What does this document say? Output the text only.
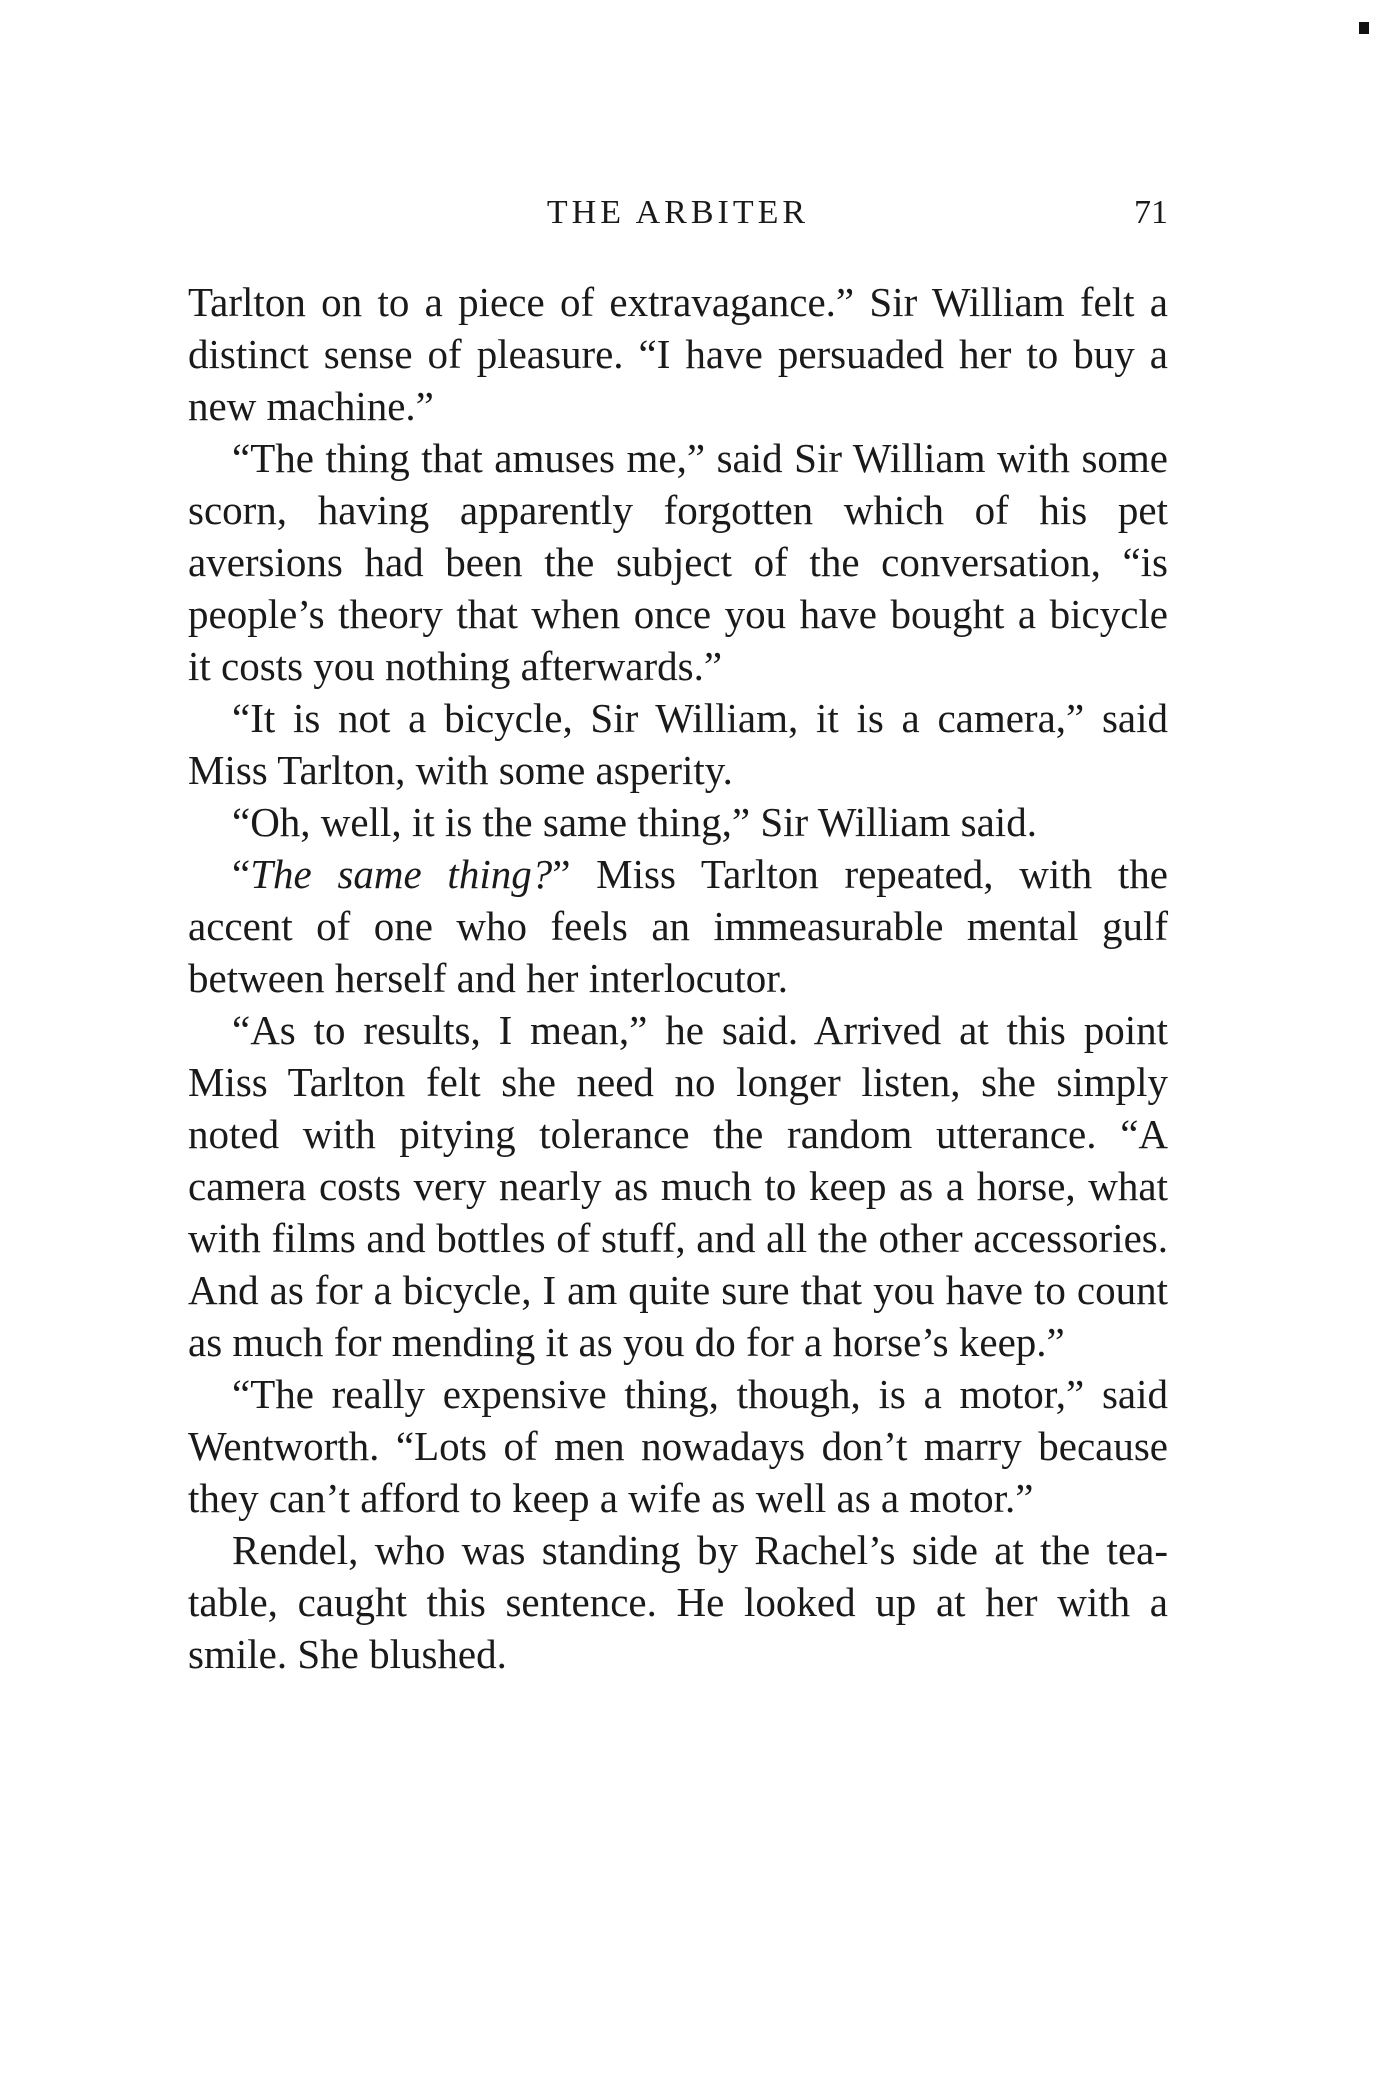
THE ARBITER	71

Tarlton on to a piece of extravagance.” Sir William felt a distinct sense of pleasure. “I have persuaded her to buy a new machine.”

“The thing that amuses me,” said Sir William with some scorn, having apparently forgotten which of his pet aversions had been the subject of the conversation, “is people’s theory that when once you have bought a bicycle it costs you nothing afterwards.”

“It is not a bicycle, Sir William, it is a camera,” said Miss Tarlton, with some asperity.

“Oh, well, it is the same thing,” Sir William said.

“The same thing?” Miss Tarlton repeated, with the accent of one who feels an immeasurable mental gulf between herself and her interlocutor.

“As to results, I mean,” he said. Arrived at this point Miss Tarlton felt she need no longer listen, she simply noted with pitying tolerance the random utterance. “A camera costs very nearly as much to keep as a horse, what with films and bottles of stuff, and all the other accessories. And as for a bicycle, I am quite sure that you have to count as much for mending it as you do for a horse’s keep.”

“The really expensive thing, though, is a motor,” said Wentworth. “Lots of men nowadays don’t marry because they can’t afford to keep a wife as well as a motor.”

Rendel, who was standing by Rachel’s side at the tea-table, caught this sentence. He looked up at her with a smile. She blushed.
